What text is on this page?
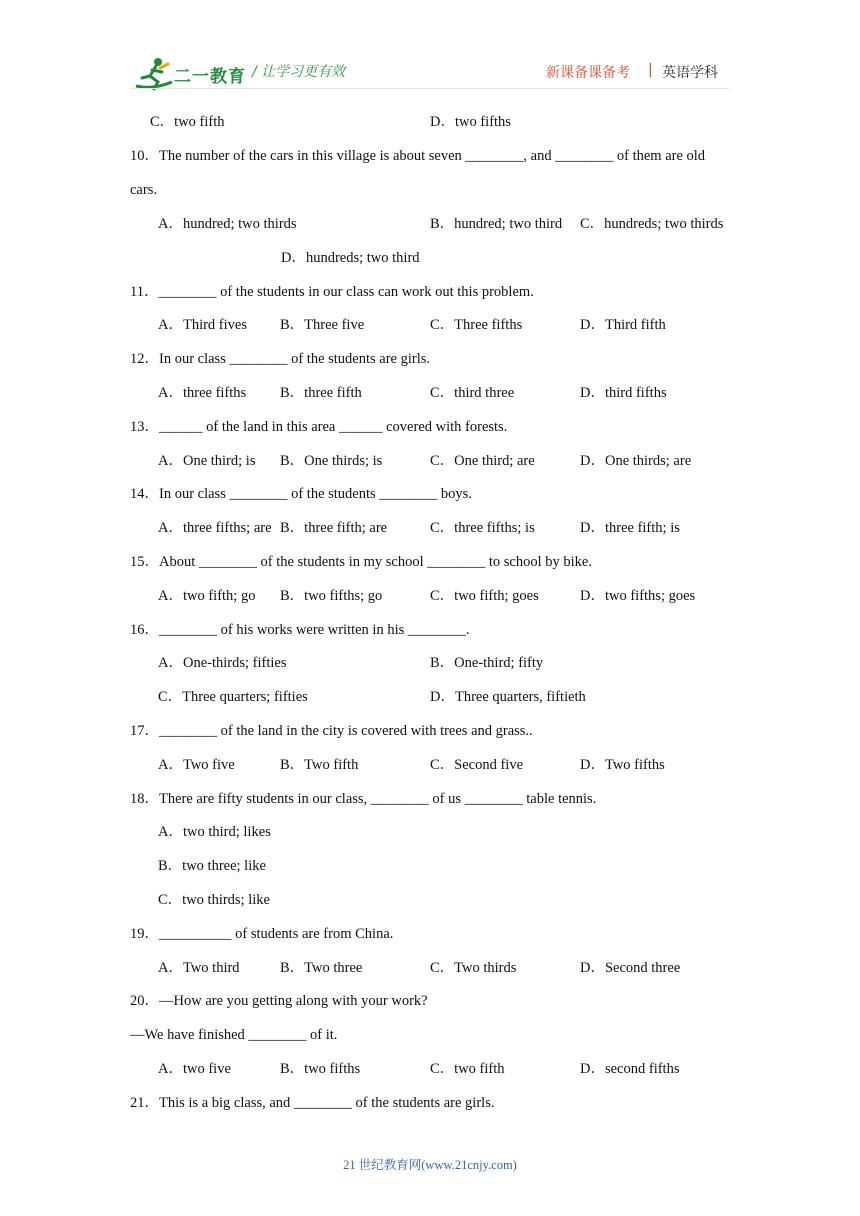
二一教育 / 让学习更有效	新课备课备考 | 英语学科
C．two fifth	D．two fifths
10．The number of the cars in this village is about seven ________, and ________ of them are old
cars.
A．hundred; two thirds	B．hundred; two third C．hundreds; two thirds
D．hundreds; two third
11．________ of the students in our class can work out this problem.
A．Third fives B．Three five	C．Three fifths	D．Third fifth
12．In our class ________ of the students are girls.
A．three fifths B．three fifth	C．third three	D．third fifths
13．______ of the land in this area ______ covered with forests.
A．One third; is B．One thirds; is	C．One third; are	D．One thirds; are
14．In our class ________ of the students ________ boys.
A．three fifths; are B．three fifth; are	C．three fifths; is	D．three fifth; is
15．About ________ of the students in my school ________ to school by bike.
A．two fifth; go B．two fifths; go	C．two fifth; goes	D．two fifths; goes
16．________ of his works were written in his ________.
A．One-thirds; fifties	B．One-third; fifty
C．Three quarters; fifties	D．Three quarters, fiftieth
17．________ of the land in the city is covered with trees and grass..
A．Two five	B．Two fifth	C．Second five	D．Two fifths
18．There are fifty students in our class, ________ of us ________ table tennis.
A．two third; likes
B．two three; like
C．two thirds; like
19．__________ of students are from China.
A．Two third	B．Two three	C．Two thirds	D．Second three
20．—How are you getting along with your work?
—We have finished ________ of it.
A．two five	B．two fifths	C．two fifth	D．second fifths
21．This is a big class, and ________ of the students are girls.
21 世纪教育网(www.21cnjy.com)
